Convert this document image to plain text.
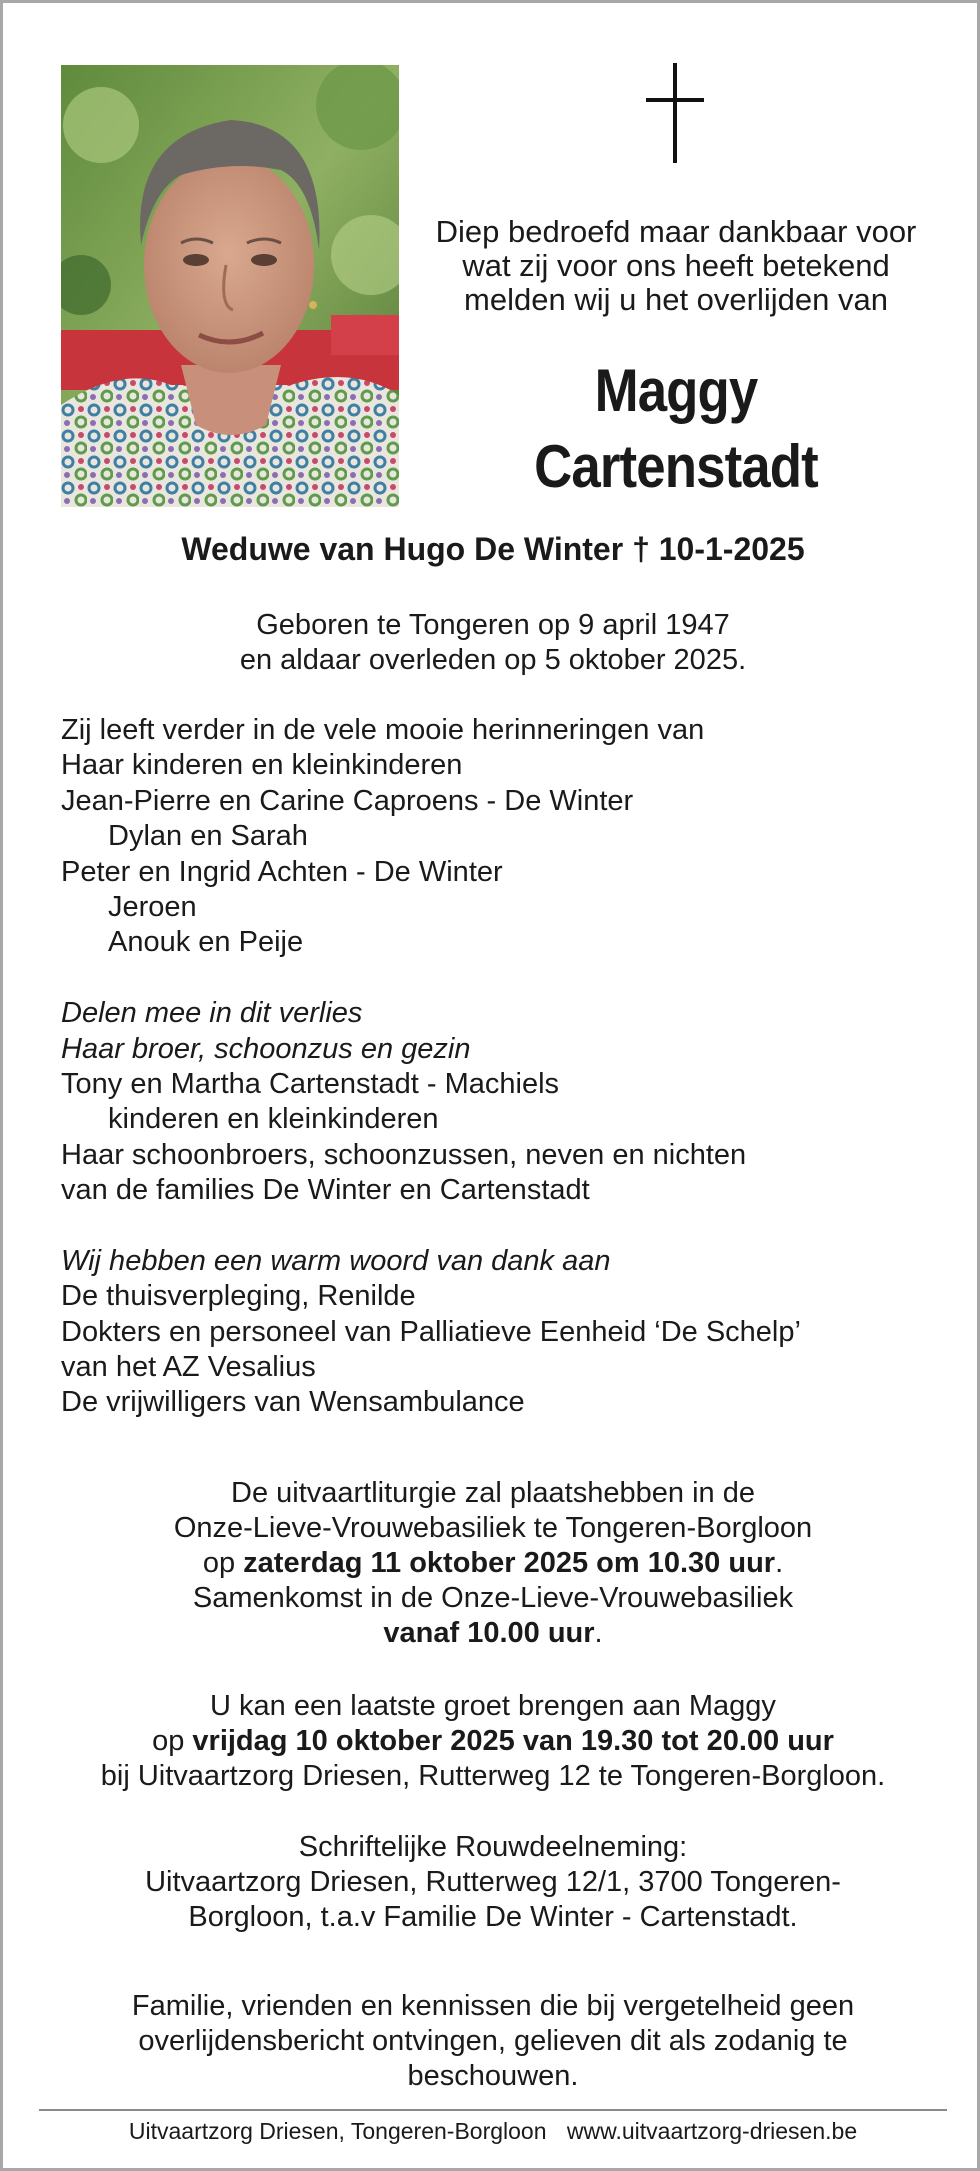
Diep bedroefd maar dankbaar voor
wat zij voor ons heeft betekend
melden wij u het overlijden van
Maggy
Cartenstadt
Weduwe van Hugo De Winter † 10-1-2025
Geboren te Tongeren op 9 april 1947
en aldaar overleden op 5 oktober 2025.
Zij leeft verder in de vele mooie herinneringen van
Haar kinderen en kleinkinderen
Jean-Pierre en Carine Caproens - De Winter
Dylan en Sarah
Peter en Ingrid Achten - De Winter
Jeroen
Anouk en Peije
Delen mee in dit verlies
Haar broer, schoonzus en gezin
Tony en Martha Cartenstadt - Machiels
kinderen en kleinkinderen
Haar schoonbroers, schoonzussen, neven en nichten
van de families De Winter en Cartenstadt
Wij hebben een warm woord van dank aan
De thuisverpleging, Renilde
Dokters en personeel van Palliatieve Eenheid ‘De Schelp’
van het AZ Vesalius
De vrijwilligers van Wensambulance
De uitvaartliturgie zal plaatshebben in de
Onze-Lieve-Vrouwebasiliek te Tongeren-Borgloon
op zaterdag 11 oktober 2025 om 10.30 uur.
Samenkomst in de Onze-Lieve-Vrouwebasiliek
vanaf 10.00 uur.
U kan een laatste groet brengen aan Maggy
op vrijdag 10 oktober 2025 van 19.30 tot 20.00 uur
bij Uitvaartzorg Driesen, Rutterweg 12 te Tongeren-Borgloon.
Schriftelijke Rouwdeelneming:
Uitvaartzorg Driesen, Rutterweg 12/1, 3700 Tongeren-
Borgloon, t.a.v Familie De Winter - Cartenstadt.
Familie, vrienden en kennissen die bij vergetelheid geen
overlijdensbericht ontvingen, gelieven dit als zodanig te
beschouwen.
Uitvaartzorg Driesen, Tongeren-Borgloon www.uitvaartzorg-driesen.be
